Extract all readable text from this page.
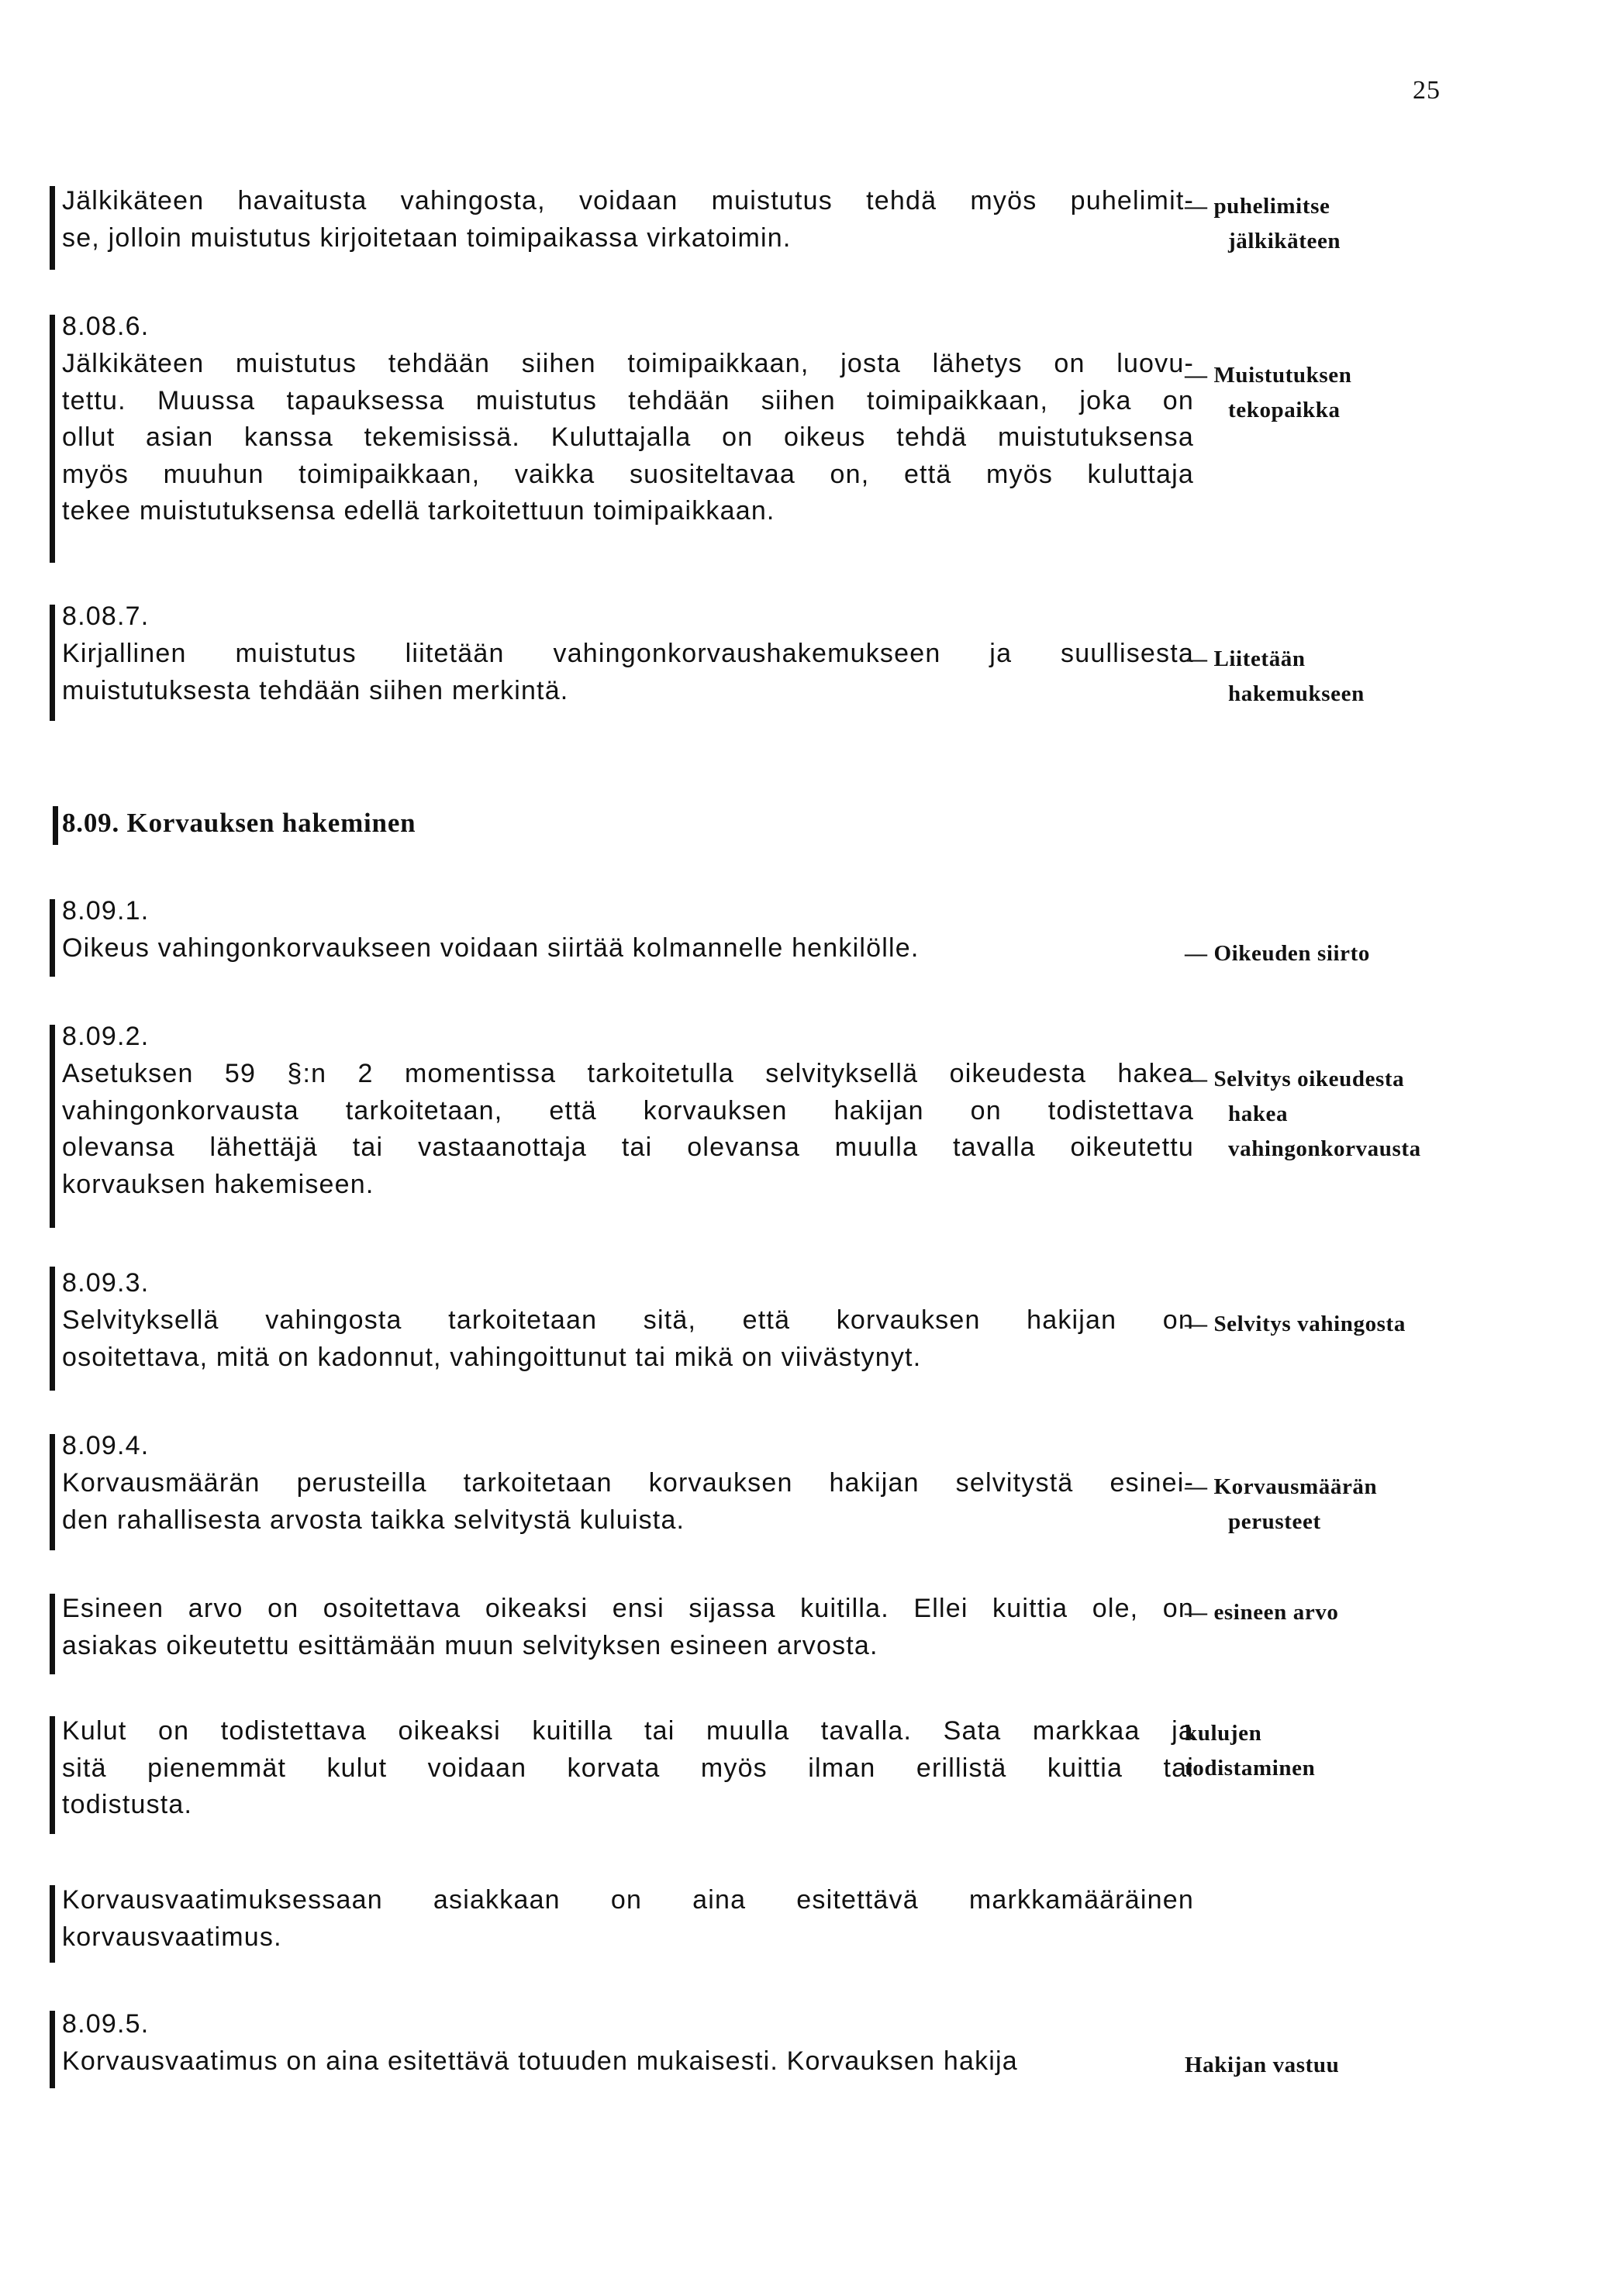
25
Jälkikäteen havaitusta vahingosta, voidaan muistutus tehdä myös puhelimit-
se, jolloin muistutus kirjoitetaan toimipaikassa virkatoimin.
— puhelimitse
jälkikäteen
8.08.6.
Jälkikäteen muistutus tehdään siihen toimipaikkaan, josta lähetys on luovu-
tettu. Muussa tapauksessa muistutus tehdään siihen toimipaikkaan, joka on
ollut asian kanssa tekemisissä. Kuluttajalla on oikeus tehdä muistutuksensa
myös muuhun toimipaikkaan, vaikka suositeltavaa on, että myös kuluttaja
tekee muistutuksensa edellä tarkoitettuun toimipaikkaan.
— Muistutuksen
tekopaikka
8.08.7.
Kirjallinen muistutus liitetään vahingonkorvaushakemukseen ja suullisesta
muistutuksesta tehdään siihen merkintä.
— Liitetään
hakemukseen
8.09. Korvauksen hakeminen
8.09.1.
Oikeus vahingonkorvaukseen voidaan siirtää kolmannelle henkilölle.	— Oikeuden siirto
8.09.2.
Asetuksen 59 §:n 2 momentissa tarkoitetulla selvityksellä oikeudesta hakea
vahingonkorvausta tarkoitetaan, että korvauksen hakijan on todistettava
olevansa lähettäjä tai vastaanottaja tai olevansa muulla tavalla oikeutettu
korvauksen hakemiseen.
— Selvitys oikeudesta
hakea
vahingonkorvausta
8.09.3.
Selvityksellä vahingosta tarkoitetaan sitä, että korvauksen hakijan on
osoitettava, mitä on kadonnut, vahingoittunut tai mikä on viivästynyt.
— Selvitys vahingosta
8.09.4.
Korvausmäärän perusteilla tarkoitetaan korvauksen hakijan selvitystä esinei-
den rahallisesta arvosta taikka selvitystä kuluista.
— Korvausmäärän
perusteet
Esineen arvo on osoitettava oikeaksi ensi sijassa kuitilla. Ellei kuittia ole, on
asiakas oikeutettu esittämään muun selvityksen esineen arvosta.
— esineen arvo
Kulut on todistettava oikeaksi kuitilla tai muulla tavalla. Sata markkaa ja
sitä pienemmät kulut voidaan korvata myös ilman erillistä kuittia tai
todistusta.
kulujen
todistaminen
Korvausvaatimuksessaan asiakkaan on aina esitettävä markkamääräinen
korvausvaatimus.
8.09.5.
Korvausvaatimus on aina esitettävä totuuden mukaisesti. Korvauksen hakija	Hakijan vastuu
